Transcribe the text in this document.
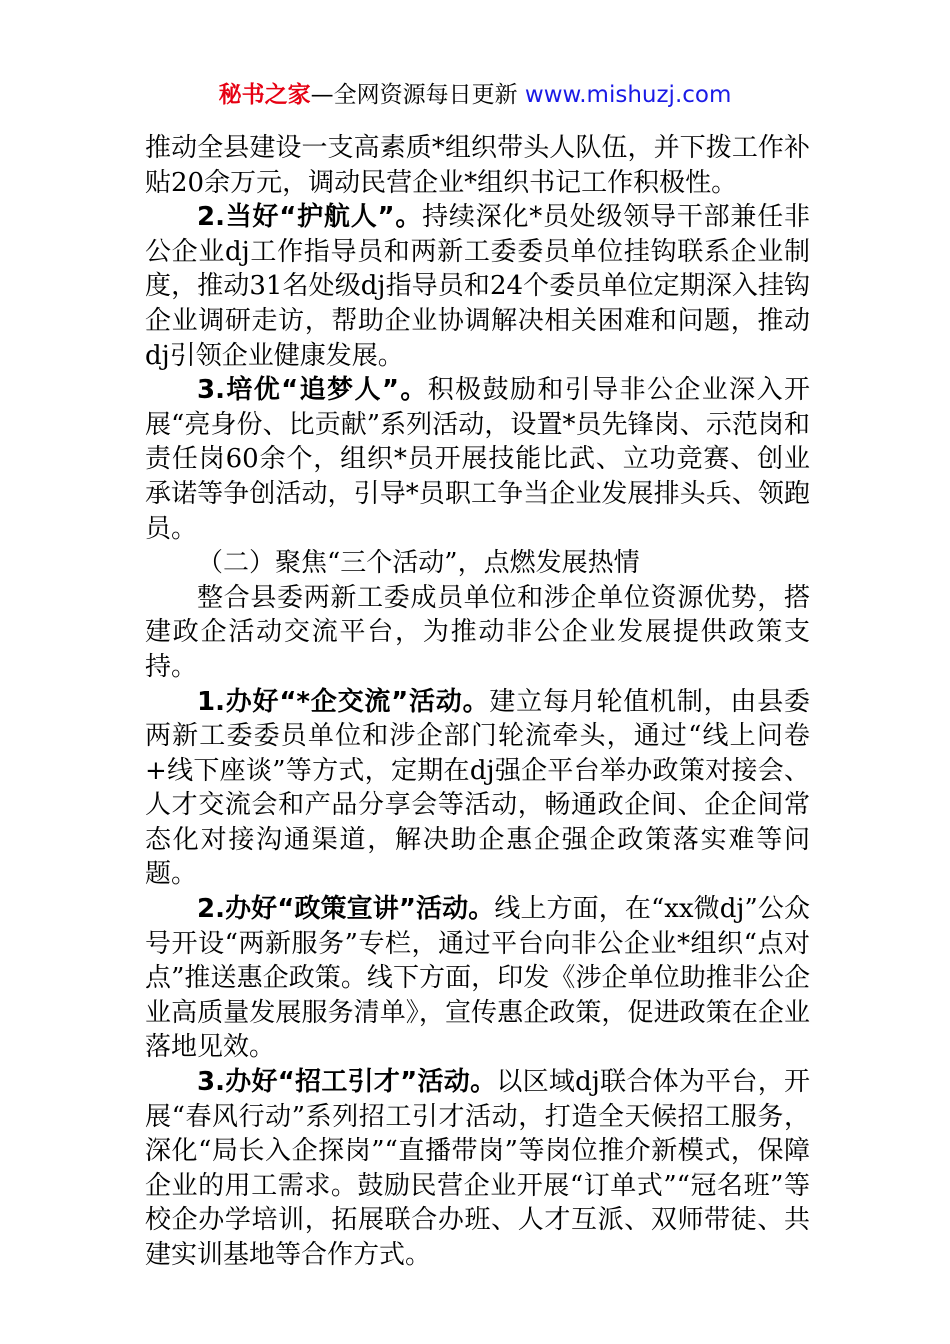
秘书之家—全网资源每日更新 www.mishuzj.com

推动全县建设一支高素质*组织带头人队伍，并下拨工作补贴20余万元，调动民营企业*组织书记工作积极性。

2.当好“护航人”。持续深化*员处级领导干部兼任非公企业dj工作指导员和两新工委委员单位挂钩联系企业制度，推动31名处级dj指导员和24个委员单位定期深入挂钩企业调研走访，帮助企业协调解决相关困难和问题，推动dj引领企业健康发展。

3.培优“追梦人”。积极鼓励和引导非公企业深入开展“亮身份、比贡献”系列活动，设置*员先锋岗、示范岗和责任岗60余个，组织*员开展技能比武、立功竞赛、创业承诺等争创活动，引导*员职工争当企业发展排头兵、领跑员。

（二）聚焦“三个活动”，点燃发展热情

整合县委两新工委成员单位和涉企单位资源优势，搭建政企活动交流平台，为推动非公企业发展提供政策支持。

1.办好“*企交流”活动。建立每月轮值机制，由县委两新工委委员单位和涉企部门轮流牵头，通过“线上问卷+线下座谈”等方式，定期在dj强企平台举办政策对接会、人才交流会和产品分享会等活动，畅通政企间、企企间常态化对接沟通渠道，解决助企惠企强企政策落实难等问题。

2.办好“政策宣讲”活动。线上方面，在“xx微dj”公众号开设“两新服务”专栏，通过平台向非公企业*组织“点对点”推送惠企政策。线下方面，印发《涉企单位助推非公企业高质量发展服务清单》，宣传惠企政策，促进政策在企业落地见效。

3.办好“招工引才”活动。以区域dj联合体为平台，开展“春风行动”系列招工引才活动，打造全天候招工服务，深化“局长入企探岗”“直播带岗”等岗位推介新模式，保障企业的用工需求。鼓励民营企业开展“订单式”“冠名班”等校企办学培训，拓展联合办班、人才互派、双师带徒、共建实训基地等合作方式。
